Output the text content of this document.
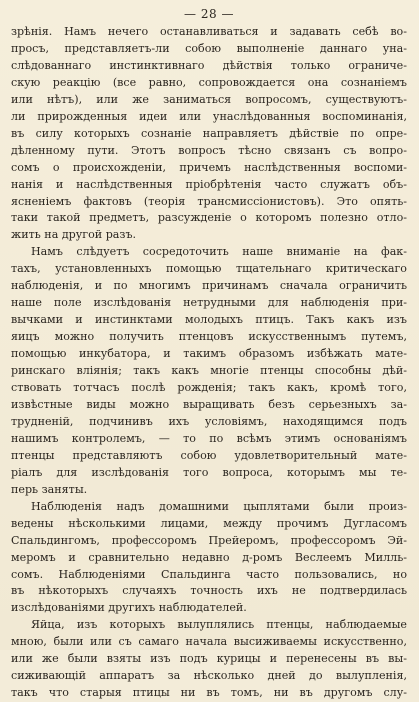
— 28 —
зрѣнія. Намъ нечего останавливаться и задавать себѣ во-
просъ, представляетъ-ли собою выполненіе даннаго уна-
слѣдованнаго инстинктивнаго дѣйствія только ограниче-
скую реакцію (все равно, сопровождается она сознаніемъ
или нѣтъ), или же заниматься вопросомъ, существуютъ-
ли прирожденныя идеи или унаслѣдованныя воспоминанія,
въ силу которыхъ сознаніе направляетъ дѣйствіе по опре-
дѣленному пути. Этотъ вопросъ тѣсно связанъ съ вопро-
сомъ о происхожденіи, причемъ наслѣдственныя воспоми-
нанія и наслѣдственныя пріобрѣтенія часто служатъ объ-
ясненіемъ фактовъ (теорія трансмиссіонистовъ). Это опять-
таки такой предметъ, разсужденіе о которомъ полезно отло-
жить на другой разъ.
Намъ слѣдуетъ сосредоточить наше вниманіе на фак-
тахъ, установленныхъ помощью тщательнаго критическаго
наблюденія, и по многимъ причинамъ сначала ограничить
наше поле изслѣдованія нетрудными для наблюденія при-
вычками и инстинктами молодыхъ птицъ. Такъ какъ изъ
яицъ можно получить птенцовъ искусственнымъ путемъ,
помощью инкубатора, и такимъ образомъ избѣжать мате-
ринскаго вліянія; такъ какъ многіе птенцы способны дѣй-
ствовать тотчасъ послѣ рожденія; такъ какъ, кромѣ того,
извѣстные виды можно выращивать безъ серьезныхъ за-
трудненій, подчинивъ ихъ условіямъ, находящимся подъ
нашимъ контролемъ, — то по всѣмъ этимъ основаніямъ
птенцы представляютъ собою удовлетворительный мате-
ріалъ для изслѣдованія того вопроса, которымъ мы те-
перь заняты.
Наблюденія надъ домашними цыплятами были произ-
ведены нѣсколькими лицами, между прочимъ Дугласомъ
Спальдингомъ, профессоромъ Прейеромъ, профессоромъ Эй-
меромъ и сравнительно недавно д-ромъ Веслеемъ Милль-
сомъ. Наблюденіями Спальдинга часто пользовались, но
въ нѣкоторыхъ случаяхъ точность ихъ не подтвердилась
изслѣдованіями другихъ наблюдателей.
Яйца, изъ которыхъ вылуплялись птенцы, наблюдаемые
мною, были или съ самаго начала высиживаемы искусственно,
или же были взяты изъ подъ курицы и перенесены въ вы-
сиживающій аппаратъ за нѣсколько дней до вылупленія,
такъ что старыя птицы ни въ томъ, ни въ другомъ слу-
